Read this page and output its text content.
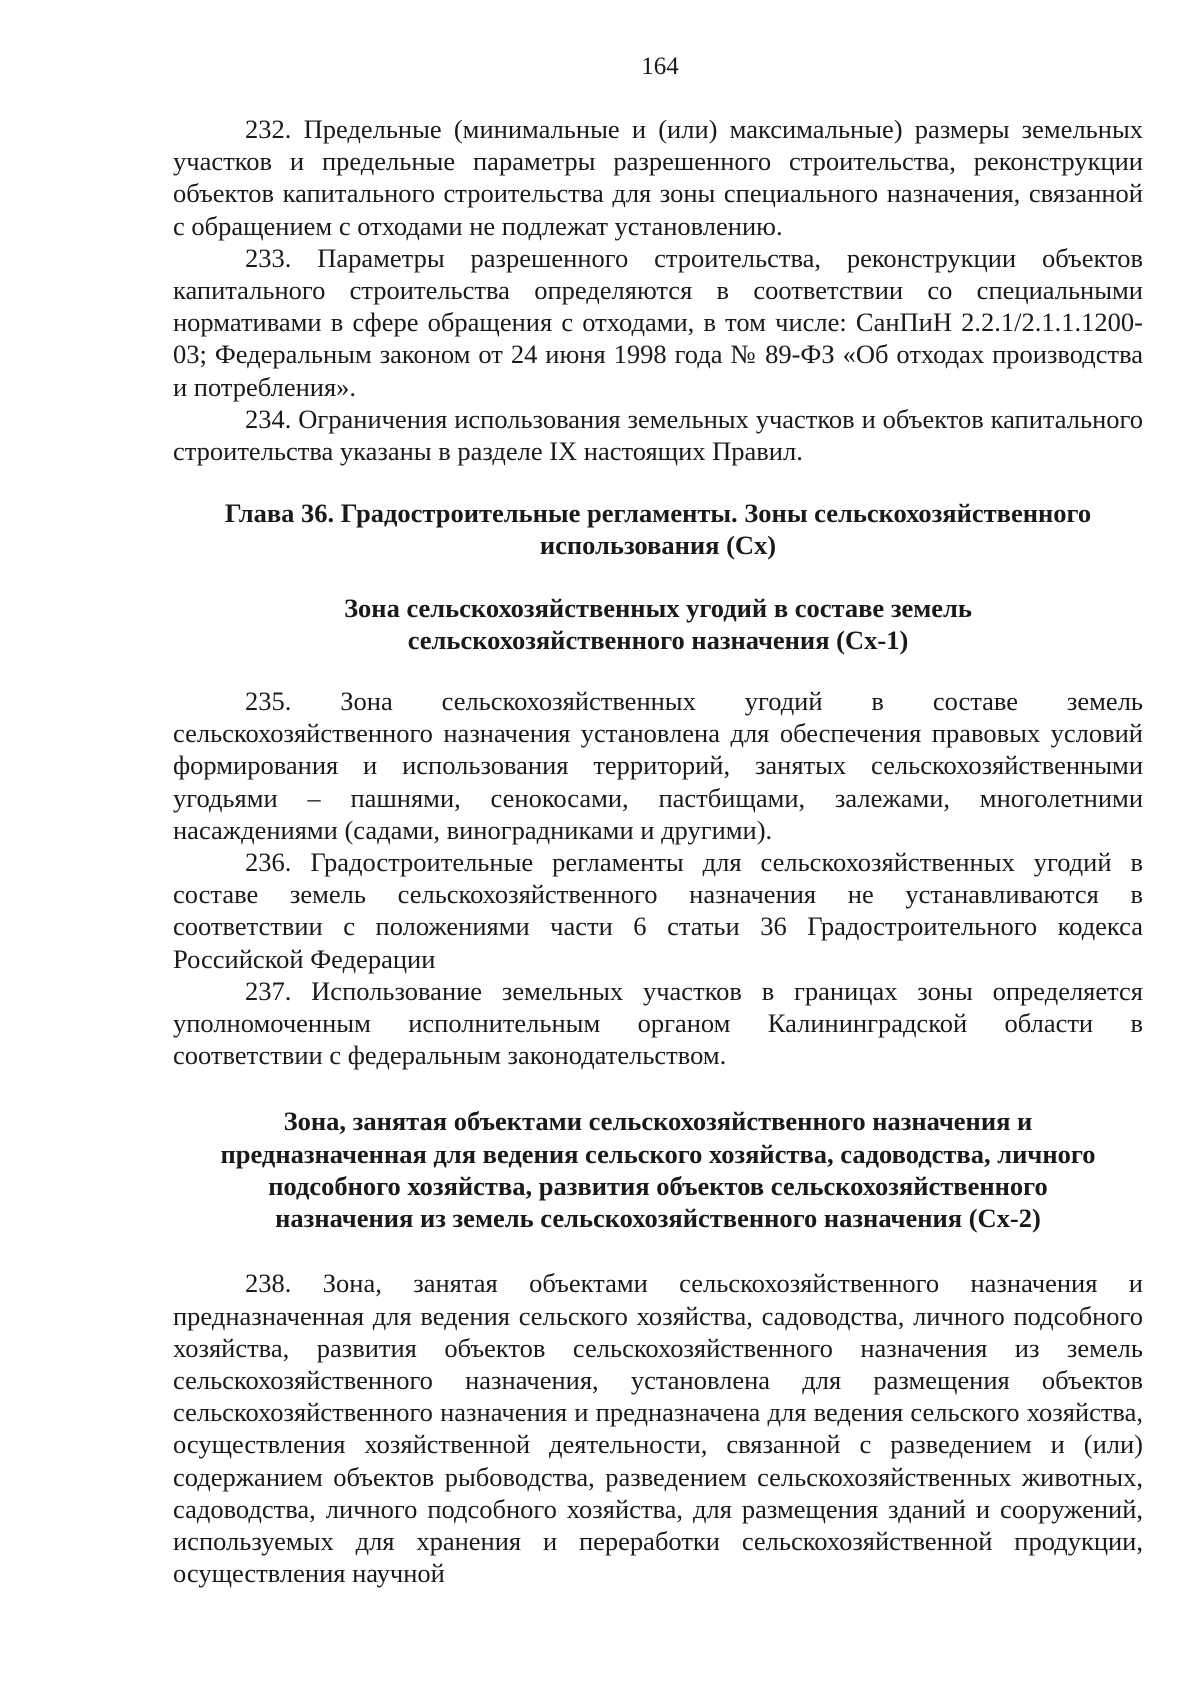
164

232. Предельные (минимальные и (или) максимальные) размеры земельных участков и предельные параметры разрешенного строительства, реконструкции объектов капитального строительства для зоны специального назначения, связанной с обращением с отходами не подлежат установлению.

233. Параметры разрешенного строительства, реконструкции объектов капитального строительства определяются в соответствии со специальными нормативами в сфере обращения с отходами, в том числе: СанПиН 2.2.1/2.1.1.1200-03; Федеральным законом от 24 июня 1998 года № 89-ФЗ «Об отходах производства и потребления».

234. Ограничения использования земельных участков и объектов капитального строительства указаны в разделе IX настоящих Правил.

Глава 36. Градостроительные регламенты. Зоны сельскохозяйственного
использования (Сх)
Зона сельскохозяйственных угодий в составе земель
сельскохозяйственного назначения (Сх-1)

235. Зона сельскохозяйственных угодий в составе земель сельскохозяйственного назначения установлена для обеспечения правовых условий формирования и использования территорий, занятых сельскохозяйственными угодьями – пашнями, сенокосами, пастбищами, залежами, многолетними насаждениями (садами, виноградниками и другими).

236. Градостроительные регламенты для сельскохозяйственных угодий в составе земель сельскохозяйственного назначения не устанавливаются в соответствии с положениями части 6 статьи 36 Градостроительного кодекса Российской Федерации

237. Использование земельных участков в границах зоны определяется уполномоченным исполнительным органом Калининградской области в соответствии с федеральным законодательством.

Зона, занятая объектами сельскохозяйственного назначения и
предназначенная для ведения сельского хозяйства, садоводства, личного
подсобного хозяйства, развития объектов сельскохозяйственного
назначения из земель сельскохозяйственного назначения (Сх-2)

238. Зона, занятая объектами сельскохозяйственного назначения и предназначенная для ведения сельского хозяйства, садоводства, личного подсобного хозяйства, развития объектов сельскохозяйственного назначения из земель сельскохозяйственного назначения, установлена для размещения объектов сельскохозяйственного назначения и предназначена для ведения сельского хозяйства, осуществления хозяйственной деятельности, связанной с разведением и (или) содержанием объектов рыбоводства, разведением сельскохозяйственных животных, садоводства, личного подсобного хозяйства, для размещения зданий и сооружений, используемых для хранения и переработки сельскохозяйственной продукции, осуществления научной
